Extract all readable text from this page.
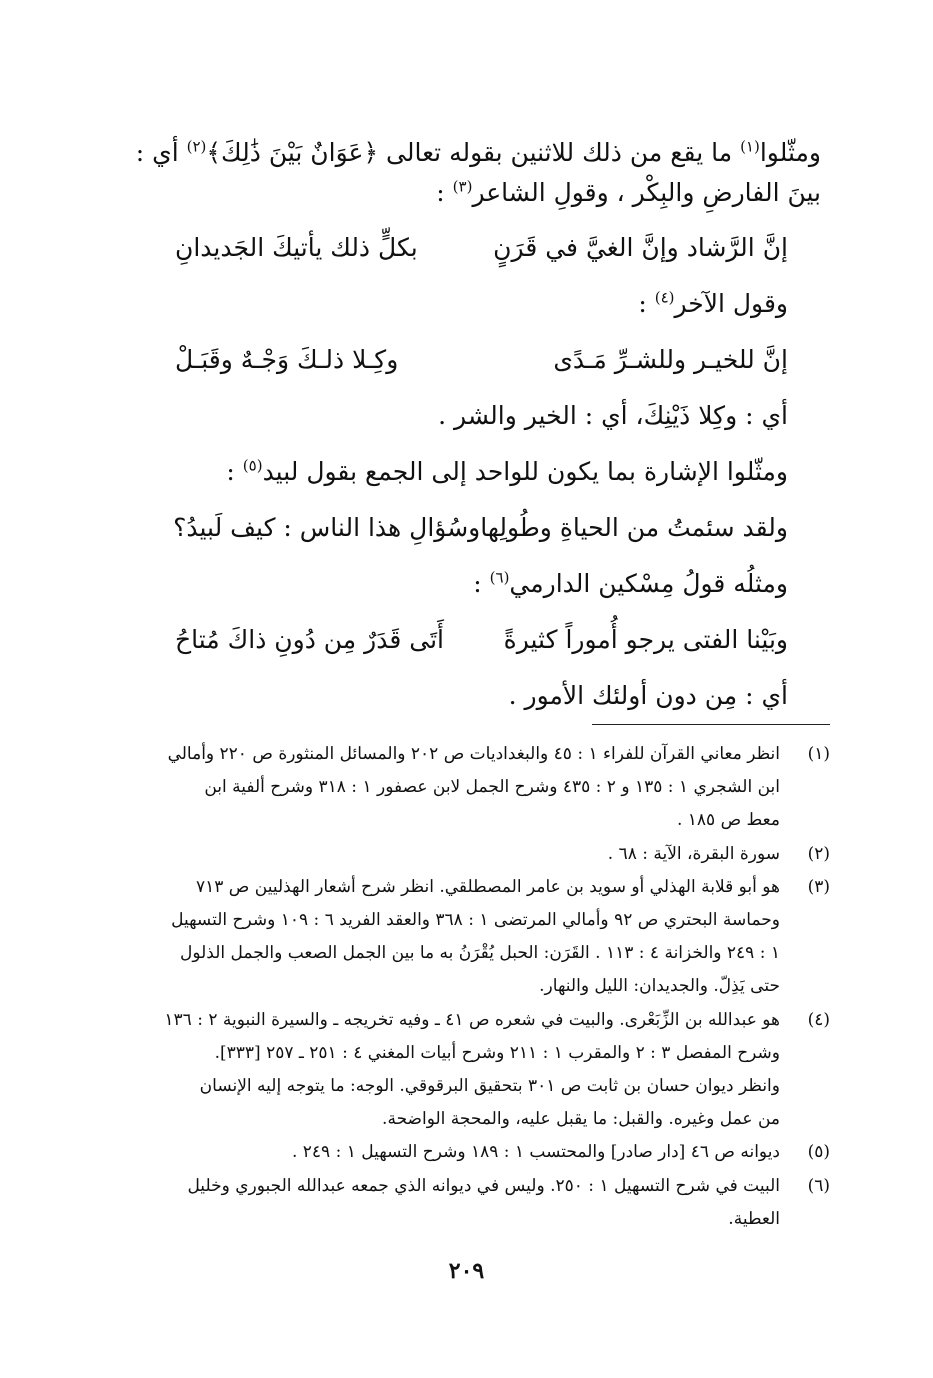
ومثّلوا$^{(١)}$ ما يقع من ذلك للاثنين بقوله تعالى ﴿عَوَانٌ بَيْنَ ذَٰلِكَ﴾$^{(٢)}$ أي :
بينَ الفارضِ والبِكْر ، وقولِ الشاعر$^{(٣)}$ :
إنَّ الرَّشاد وإنَّ الغيَّ في قَرَنٍ
بكلٍّ ذلك يأتيكَ الجَديدانِ
وقول الآخر$^{(٤)}$ :
إنَّ للخيـر وللشـرِّ مَـدًى
وكِـلا ذلـكَ وَجْـهٌ وقَبَـلْ
أي : وكِلا ذَيْنِكَ، أي : الخير والشر .
ومثّلوا الإشارة بما يكون للواحد إلى الجمع بقول لبيد$^{(٥)}$ :
ولقد سئمتُ من الحياةِ وطُولِها
وسُؤالِ هذا الناس : كيف لَبيدُ؟
ومثلُه قولُ مِسْكين الدارمي$^{(٦)}$ :
وبَيْنا الفتى يرجو أُموراً كثيرةً
أَتَى قَدَرٌ مِن دُونِ ذاكَ مُتاحُ
أي : مِن دون أولئك الأمور .
(١)
انظر معاني القرآن للفراء ١ : ٤٥ والبغداديات ص ٢٠٢ والمسائل المنثورة ص ٢٢٠ وأمالي
ابن الشجري ١ : ١٣٥ و ٢ : ٤٣٥ وشرح الجمل لابن عصفور ١ : ٣١٨ وشرح ألفية ابن
معط ص ١٨٥ .
(٢)
سورة البقرة، الآية : ٦٨ .
(٣)
هو أبو قلابة الهذلي أو سويد بن عامر المصطلقي. انظر شرح أشعار الهذليين ص ٧١٣
وحماسة البحتري ص ٩٢ وأمالي المرتضى ١ : ٣٦٨ والعقد الفريد ٦ : ١٠٩ وشرح التسهيل
١ : ٢٤٩ والخزانة ٤ : ١١٣ . القَرَن: الحبل يُقْرَنُ به ما بين الجمل الصعب والجمل الذلول
حتى يَذِلّ. والجديدان: الليل والنهار.
(٤)
هو عبدالله بن الزِّبَعْرى. والبيت في شعره ص ٤١ ـ وفيه تخريجه ـ والسيرة النبوية ٢ : ١٣٦
وشرح المفصل ٣ : ٢ والمقرب ١ : ٢١١ وشرح أبيات المغني ٤ : ٢٥١ ـ ٢٥٧ [٣٣٣].
وانظر ديوان حسان بن ثابت ص ٣٠١ بتحقيق البرقوقي. الوجه: ما يتوجه إليه الإنسان
من عمل وغيره. والقبل: ما يقبل عليه، والمحجة الواضحة.
(٥)
ديوانه ص ٤٦ [دار صادر] والمحتسب ١ : ١٨٩ وشرح التسهيل ١ : ٢٤٩ .
(٦)
البيت في شرح التسهيل ١ : ٢٥٠. وليس في ديوانه الذي جمعه عبدالله الجبوري وخليل
العطية.
٢٠٩
